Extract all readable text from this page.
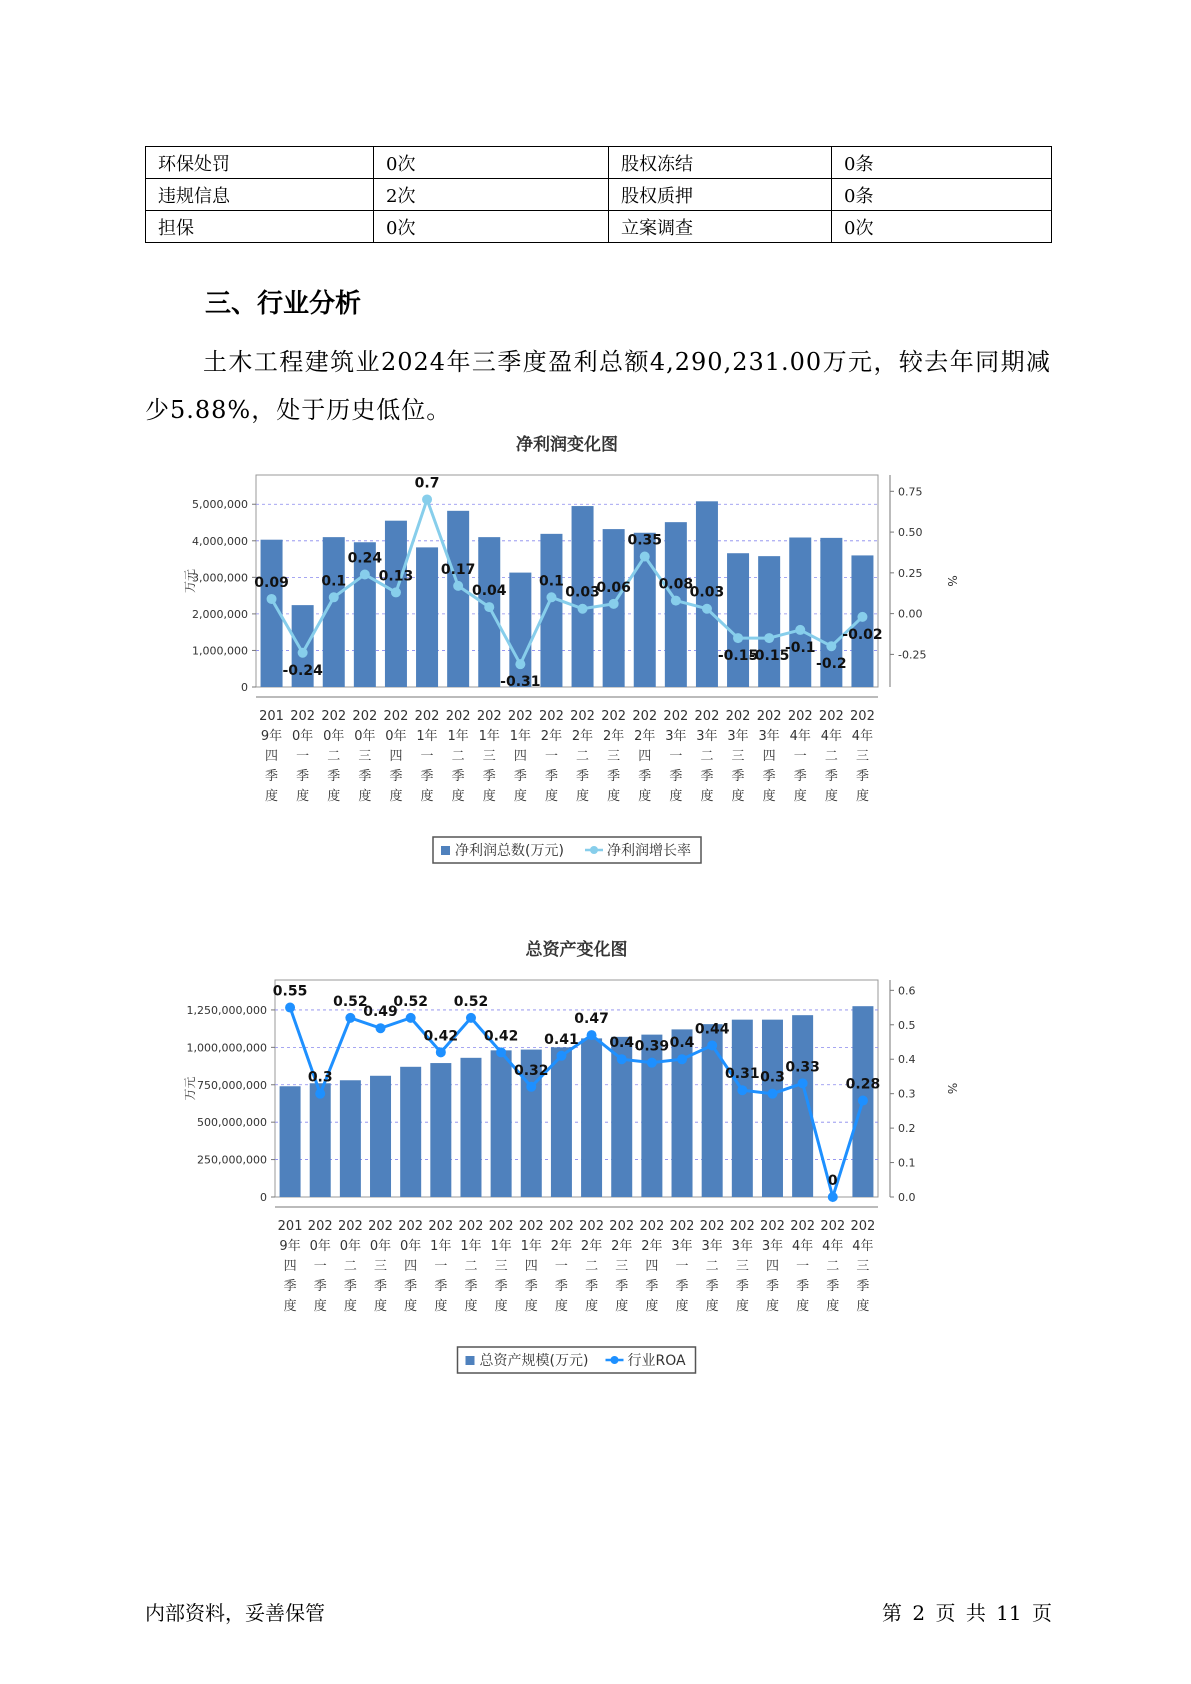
环保处罚	0次	股权冻结	0条
违规信息	2次	股权质押	0条
担保	0次	立案调查	0次
三、行业分析

土木工程建筑业2024年三季度盈利总额4,290,231.00万元，较去年同期减少5.88%，处于历史低位。

净利润变化图
0
1,000,000
2,000,000
3,000,000
4,000,000
5,000,000
-0.25
0.00
0.25
0.50
0.75
万元	%
201 9年四季度
202 0年一季度
202 0年二季度
202 0年三季度
202 0年四季度
202 1年一季度
202 1年二季度
202 1年三季度
202 1年四季度
202 2年一季度
202 2年二季度
202 2年三季度
202 2年四季度
202 3年一季度
202 3年二季度
202 3年三季度
202 3年四季度
202 4年一季度
202 4年二季度
202 4年三季度
0.09
-0.24
0.1
0.24
0.13
0.7
0.17
0.04
-0.31
0.1
0.03
0.06
0.35
0.08
0.03
-0.15
-0.15
-0.1
-0.2
-0.02
净利润总数(万元)	净利润增长率
总资产变化图
0
250,000,000
500,000,000
750,000,000
1,000,000,000
1,250,000,000
0.0
0.1
0.2
0.3
0.4
0.5
0.6
万元	%
201 9年四季度
202 0年一季度
202 0年二季度
202 0年三季度
202 0年四季度
202 1年一季度
202 1年二季度
202 1年三季度
202 1年四季度
202 2年一季度
202 2年二季度
202 2年三季度
202 2年四季度
202 3年一季度
202 3年二季度
202 3年三季度
202 3年四季度
202 4年一季度
202 4年二季度
202 4年三季度
0.55
0.3
0.52
0.49
0.52
0.42
0.52
0.42
0.32
0.41
0.47
0.4 0.39 0.4
0.44
0.31 0.3
0.33
0
0.28
总资产规模(万元)	行业ROA
内部资料，妥善保管	第 2 页 共 11 页
